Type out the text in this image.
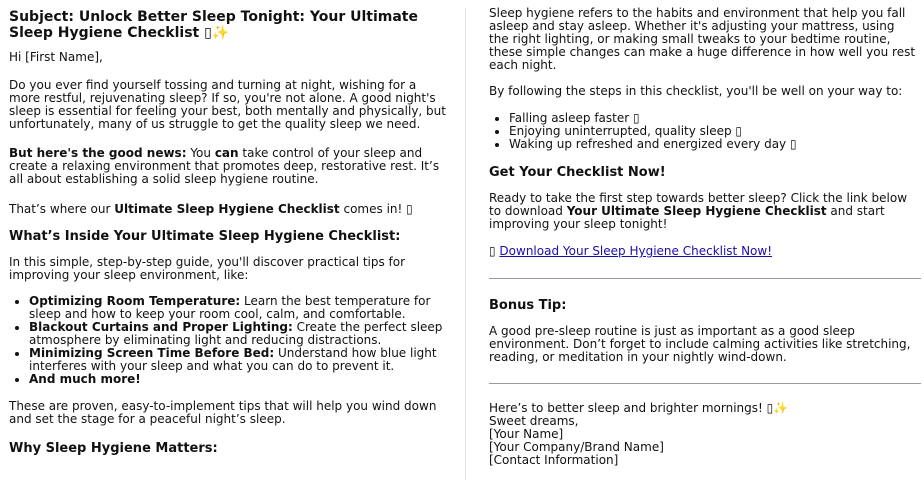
Subject: Unlock Better Sleep Tonight: Your Ultimate Sleep Hygiene Checklist ▯✨

Hi [First Name],

Do you ever find yourself tossing and turning at night, wishing for a more restful, rejuvenating sleep? If so, you're not alone. A good night's sleep is essential for feeling your best, both mentally and physically, but unfortunately, many of us struggle to get the quality sleep we need.

But here's the good news: You can take control of your sleep and create a relaxing environment that promotes deep, restorative rest. It’s all about establishing a solid sleep hygiene routine.

That’s where our Ultimate Sleep Hygiene Checklist comes in! ▯

What’s Inside Your Ultimate Sleep Hygiene Checklist:

In this simple, step-by-step guide, you'll discover practical tips for improving your sleep environment, like:

• Optimizing Room Temperature: Learn the best temperature for sleep and how to keep your room cool, calm, and comfortable.
• Blackout Curtains and Proper Lighting: Create the perfect sleep atmosphere by eliminating light and reducing distractions.
• Minimizing Screen Time Before Bed: Understand how blue light interferes with your sleep and what you can do to prevent it.
• And much more!

These are proven, easy-to-implement tips that will help you wind down and set the stage for a peaceful night’s sleep.

Why Sleep Hygiene Matters:

Sleep hygiene refers to the habits and environment that help you fall asleep and stay asleep. Whether it's adjusting your mattress, using the right lighting, or making small tweaks to your bedtime routine, these simple changes can make a huge difference in how well you rest each night.

By following the steps in this checklist, you'll be well on your way to:

• Falling asleep faster ▯
• Enjoying uninterrupted, quality sleep ▯
• Waking up refreshed and energized every day ▯
Get Your Checklist Now!

Ready to take the first step towards better sleep? Click the link below to download Your Ultimate Sleep Hygiene Checklist and start improving your sleep tonight!

▯ Download Your Sleep Hygiene Checklist Now!

Bonus Tip:

A good pre-sleep routine is just as important as a good sleep environment. Don’t forget to include calming activities like stretching, reading, or meditation in your nightly wind-down.

Here’s to better sleep and brighter mornings! ▯✨

Sweet dreams,

[Your Name]

[Your Company/Brand Name]

[Contact Information]
